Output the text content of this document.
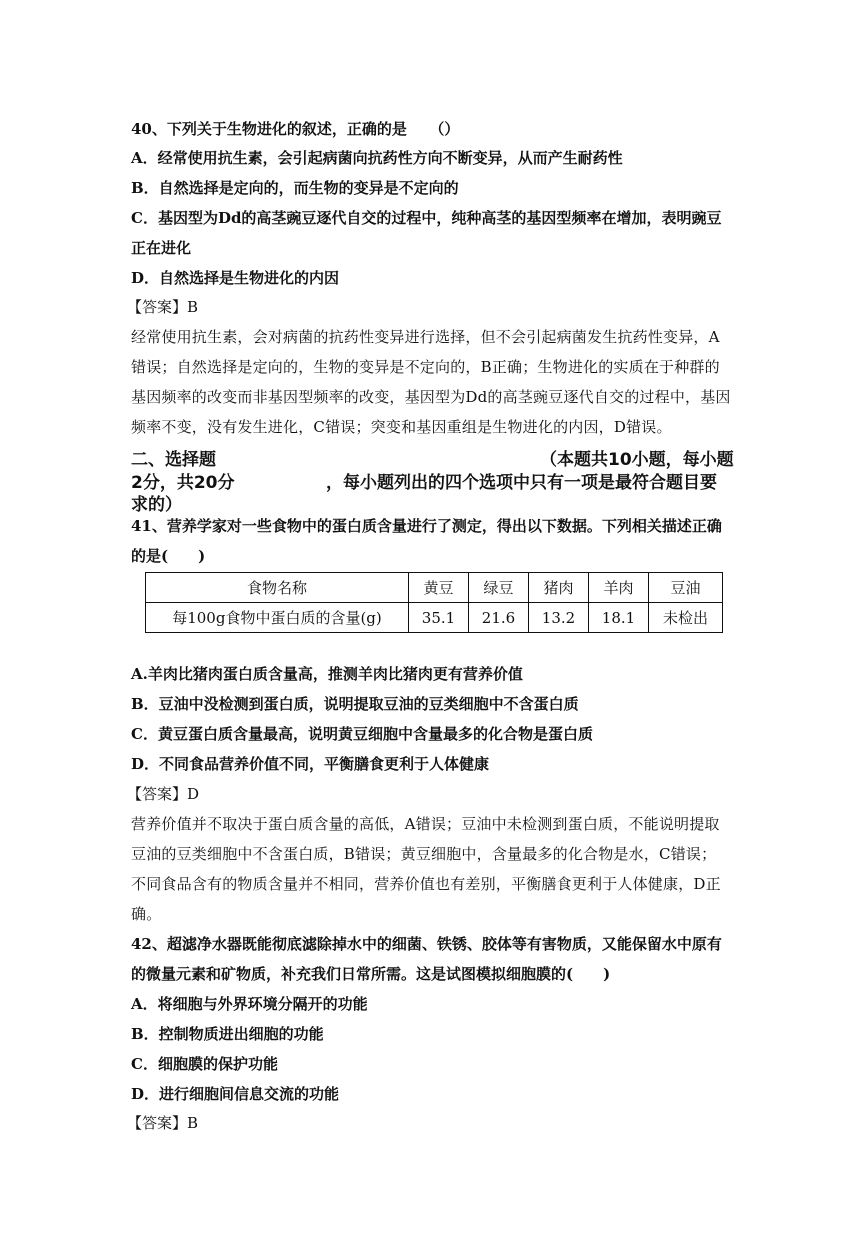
40、下列关于生物进化的叙述，正确的是　　（）
A．经常使用抗生素，会引起病菌向抗药性方向不断变异，从而产生耐药性
B．自然选择是定向的，而生物的变异是不定向的
C．基因型为Dd的高茎豌豆逐代自交的过程中，纯种高茎的基因型频率在增加，表明豌豆
正在进化
D．自然选择是生物进化的内因
【答案】B
经常使用抗生素，会对病菌的抗药性变异进行选择，但不会引起病菌发生抗药性变异，A
错误；自然选择是定向的，生物的变异是不定向的，B正确；生物进化的实质在于种群的
基因频率的改变而非基因型频率的改变，基因型为Dd的高茎豌豆逐代自交的过程中，基因
频率不变，没有发生进化，C错误；突变和基因重组是生物进化的内因，D错误。
二、选择题	（本题共10小题，每小题
2分，共20分	，每小题列出的四个选项中只有一项是最符合题目要
求的）
41、营养学家对一些食物中的蛋白质含量进行了测定，得出以下数据。下列相关描述正确
的是(　　)
食物名称	黄豆	绿豆	猪肉	羊肉	豆油
每100g食物中蛋白质的含量(g)	35.1	21.6	13.2	18.1	未检出
A.羊肉比猪肉蛋白质含量高，推测羊肉比猪肉更有营养价值
B．豆油中没检测到蛋白质，说明提取豆油的豆类细胞中不含蛋白质
C．黄豆蛋白质含量最高，说明黄豆细胞中含量最多的化合物是蛋白质
D．不同食品营养价值不同，平衡膳食更利于人体健康
【答案】D
营养价值并不取决于蛋白质含量的高低，A错误；豆油中未检测到蛋白质，不能说明提取
豆油的豆类细胞中不含蛋白质，B错误；黄豆细胞中，含量最多的化合物是水，C错误；
不同食品含有的物质含量并不相同，营养价值也有差别，平衡膳食更利于人体健康，D正
确。
42、超滤净水器既能彻底滤除掉水中的细菌、铁锈、胶体等有害物质，又能保留水中原有
的微量元素和矿物质，补充我们日常所需。这是试图模拟细胞膜的(　　)
A．将细胞与外界环境分隔开的功能
B．控制物质进出细胞的功能
C．细胞膜的保护功能
D．进行细胞间信息交流的功能
【答案】B
